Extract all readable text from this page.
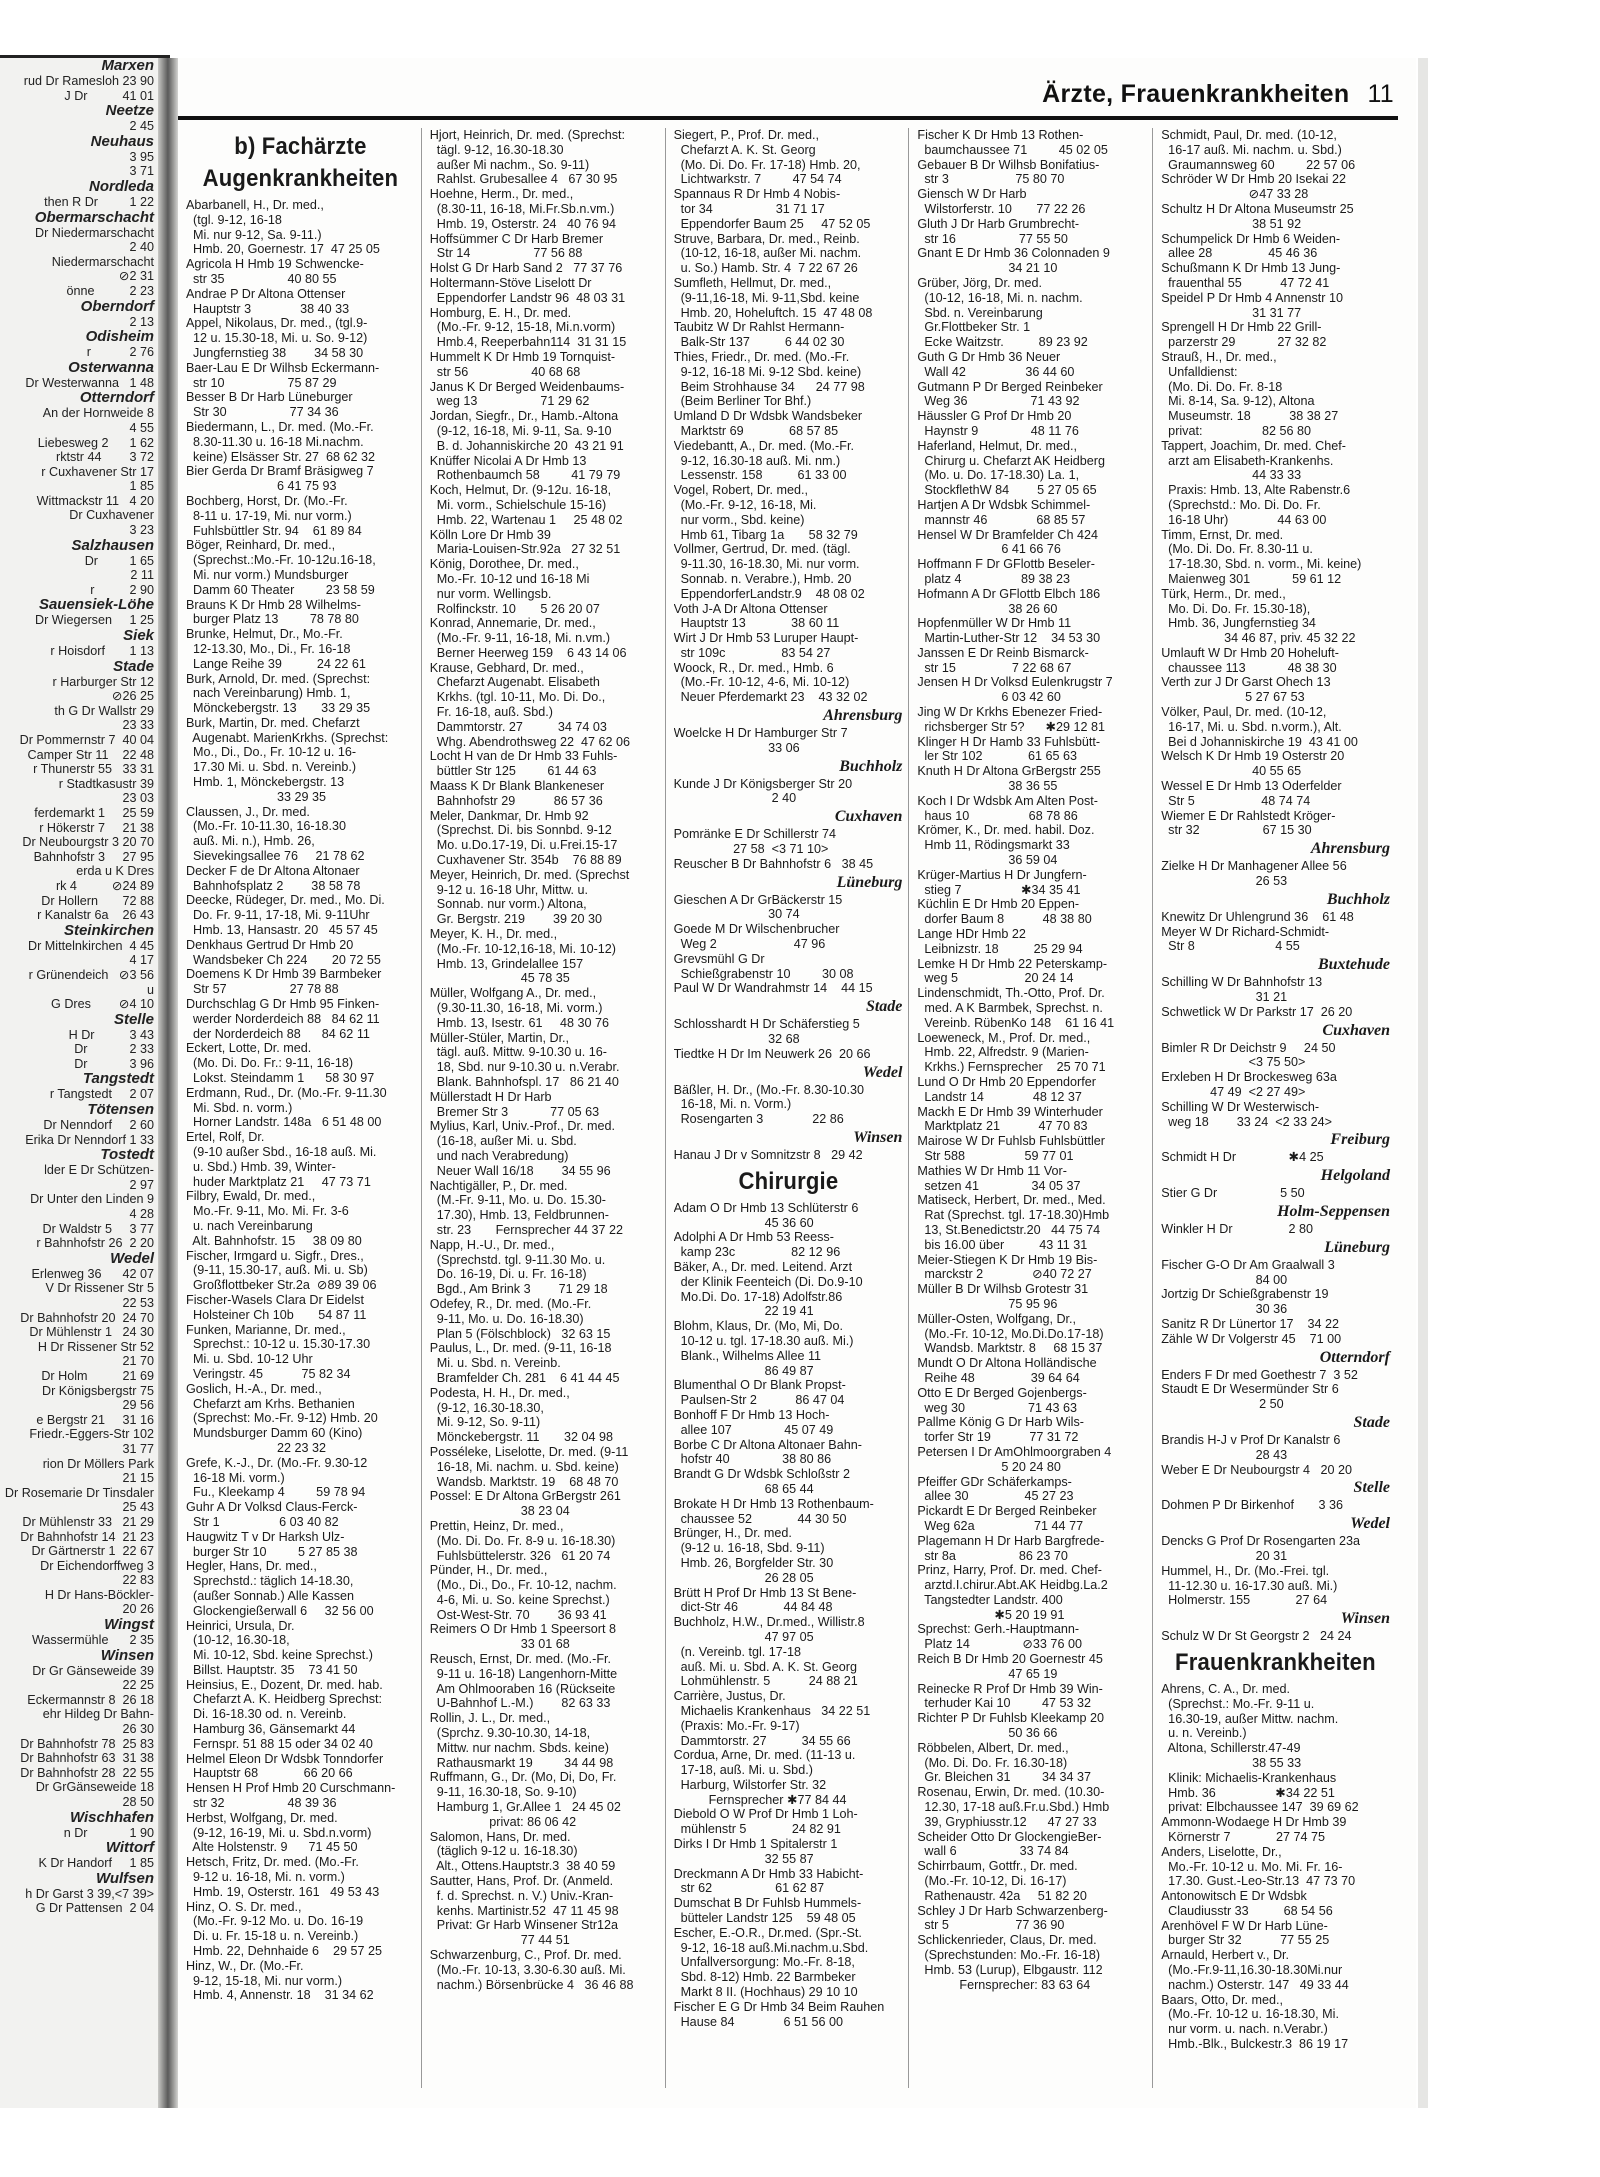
Marxen
rud Dr Ramesloh 23 90
J Dr          41 01
Neetze
2 45
Neuhaus
3 95
3 71
Nordleda
then R Dr         1 22
Obermarschacht
Dr Niedermarschacht
2 40
Niedermarschacht
⊘2 31
önne          2 23
Oberndorf
2 13
Odisheim
r           2 76
Osterwanna
Dr Westerwanna   1 48
Otterndorf
An der Hornweide 8
4 55
Liebesweg 2      1 62
rktstr 44        3 72
r Cuxhavener Str 17
1 85
Wittmackstr 11   4 20
Dr Cuxhavener
3 23
Salzhausen
Dr         1 65
2 11
r          2 90
Sauensiek-Löhe
Dr Wiegersen     1 25
Siek
r Hoisdorf       1 13
Stade
r Harburger Str 12
⊘26 25
th G Dr Wallstr 29
23 33
Dr Pommernstr 7  40 04
Camper Str 11    22 48
r Thunerstr 55   33 31
r Stadtkasustr 39
23 03
ferdemarkt 1     25 59
r Hökerstr 7     21 38
Dr Neubourgstr 3 20 70
Bahnhofstr 3     27 95
erda u K Dres
rk 4          ⊘24 89
Dr Hollern       72 88
r Kanalstr 6a    26 43
Steinkirchen
Dr Mittelnkirchen  4 45
4 17
r Grünendeich   ⊘3 56
u
G Dres        ⊘4 10
Stelle
H Dr          3 43
Dr            2 33
Dr            3 96
Tangstedt
r Tangstedt     2 07
Tötensen
Dr Nenndorf     2 60
Erika Dr Nenndorf 1 33
Tostedt
lder E Dr Schützen-
2 97
Dr Unter den Linden 9
4 28
Dr Waldstr 5     3 77
r Bahnhofstr 26  2 20
Wedel
Erlenweg 36      42 07
V Dr Rissener Str 5
22 53
Dr Bahnhofstr 20  24 70
Dr Mühlenstr 1   24 30
H Dr Rissener Str 52
21 70
Dr Holm          21 69
Dr Königsbergstr 75
29 56
e Bergstr 21     31 16
Friedr.-Eggers-Str 102
31 77
rion Dr Möllers Park
21 15
Dr Rosemarie Dr Tinsdaler
25 43
Dr Mühlenstr 33   21 29
Dr Bahnhofstr 14  21 23
Dr Gärtnerstr 1  22 67
Dr Eichendorffweg 3
22 83
H Dr Hans-Böckler-
20 26
Wingst
Wassermühle      2 35
Winsen
Dr Gr Gänseweide 39
22 25
Eckermannstr 8  26 18
ehr Hildeg Dr Bahn-
26 30
Dr Bahnhofstr 78  25 83
Dr Bahnhofstr 63  31 38
Dr Bahnhofstr 28  22 55
Dr GrGänseweide 18
28 50
Wischhafen
n Dr            1 90
Wittorf
K Dr Handorf     1 85
Wulfsen
h Dr Garst 3 39,<7 39>
G Dr Pattensen  2 04
Ärzte, Frauenkrankheiten 11
b) Fachärzte
Augenkrankheiten
Abarbanell, H., Dr. med.,
(tgl. 9-12, 16-18
Mi. nur 9-12, Sa. 9-11.)
Hmb. 20, Goernestr. 17  47 25 05
Agricola H Hmb 19 Schwencke-
str 35                  40 80 55
Andrae P Dr Altona Ottenser
Hauptstr 3              38 40 33
Appel, Nikolaus, Dr. med., (tgl.9-
12 u. 15.30-18, Mi. u. So. 9-12)
Jungfernstieg 38        34 58 30
Baer-Lau E Dr Wilhsb Eckermann-
str 10                  75 87 29
Besser B Dr Harb Lüneburger
Str 30                  77 34 36
Biedermann, L., Dr. med. (Mo.-Fr.
8.30-11.30 u. 16-18 Mi.nachm.
keine) Elsässer Str. 27  68 62 32
Bier Gerda Dr Bramf Bräsigweg 7
6 41 75 93
Bochberg, Horst, Dr. (Mo.-Fr.
8-11 u. 17-19, Mi. nur vorm.)
Fuhlsbüttler Str. 94    61 89 84
Böger, Reinhard, Dr. med.,
(Sprechst.:Mo.-Fr. 10-12u.16-18,
Mi. nur vorm.) Mundsburger
Damm 60 Theater         23 58 59
Brauns K Dr Hmb 28 Wilhelms-
burger Platz 13         78 78 80
Brunke, Helmut, Dr., Mo.-Fr.
12-13.30, Mo., Di., Fr. 16-18
Lange Reihe 39          24 22 61
Burk, Arnold, Dr. med. (Sprechst:
nach Vereinbarung) Hmb. 1,
Mönckebergstr. 13       33 29 35
Burk, Martin, Dr. med. Chefarzt
Augenabt. MarienKrkhs. (Sprechst:
Mo., Di., Do., Fr. 10-12 u. 16-
17.30 Mi. u. Sbd. n. Vereinb.)
Hmb. 1, Mönckebergstr. 13
33 29 35
Claussen, J., Dr. med.
(Mo.-Fr. 10-11.30, 16-18.30
auß. Mi. n.), Hmb. 26,
Sievekingsallee 76     21 78 62
Decker F de Dr Altona Altonaer
Bahnhofsplatz 2        38 58 78
Deecke, Rüdeger, Dr. med., Mo. Di.
Do. Fr. 9-11, 17-18, Mi. 9-11Uhr
Hmb. 13, Hansastr. 20   45 57 45
Denkhaus Gertrud Dr Hmb 20
Wandsbeker Ch 224       20 72 55
Doemens K Dr Hmb 39 Barmbeker
Str 57                  27 78 88
Durchschlag G Dr Hmb 95 Finken-
werder Norderdeich 88   84 62 11
der Norderdeich 88      84 62 11
Eckert, Lotte, Dr. med.
(Mo. Di. Do. Fr.: 9-11, 16-18)
Lokst. Steindamm 1      58 30 97
Erdmann, Rud., Dr. (Mo.-Fr. 9-11.30
Mi. Sbd. n. vorm.)
Horner Landstr. 148a   6 51 48 00
Ertel, Rolf, Dr.
(9-10 außer Sbd., 16-18 auß. Mi.
u. Sbd.) Hmb. 39, Winter-
huder Marktplatz 21     47 73 71
Filbry, Ewald, Dr. med.,
Mo.-Fr. 9-11, Mo. Mi. Fr. 3-6
u. nach Vereinbarung
Alt. Bahnhofstr. 15     38 09 80
Fischer, Irmgard u. Sigfr., Dres.,
(9-11, 15.30-17, auß. Mi. u. Sb)
Großflottbeker Str.2a  ⊘89 39 06
Fischer-Wasels Clara Dr Eidelst
Holsteiner Ch 10b       54 87 11
Funken, Marianne, Dr. med.,
Sprechst.: 10-12 u. 15.30-17.30
Mi. u. Sbd. 10-12 Uhr
Veringstr. 45           75 82 34
Goslich, H.-A., Dr. med.,
Chefarzt am Krhs. Bethanien
(Sprechst: Mo.-Fr. 9-12) Hmb. 20
Mundsburger Damm 60 (Kino)
22 23 32
Grefe, K.-J., Dr. (Mo.-Fr. 9.30-12
16-18 Mi. vorm.)
Fu., Kleekamp 4         59 78 94
Guhr A Dr Volksd Claus-Ferck-
Str 1                 6 03 40 82
Haugwitz T v Dr Harksh Ulz-
burger Str 10         5 27 85 38
Hegler, Hans, Dr. med.,
Sprechstd.: täglich 14-18.30,
(außer Sonnab.) Alle Kassen
Glockengießerwall 6     32 56 00
Heinrici, Ursula, Dr.
(10-12, 16.30-18,
Mi. 10-12, Sbd. keine Sprechst.)
Billst. Hauptstr. 35    73 41 50
Heinsius, E., Dozent, Dr. med. hab.
Chefarzt A. K. Heidberg Sprechst:
Di. 16-18.30 od. n. Vereinb.
Hamburg 36, Gänsemarkt 44
Fernspr. 51 88 15 oder 34 02 40
Helmel Eleon Dr Wdsbk Tonndorfer
Hauptstr 68             66 20 66
Hensen H Prof Hmb 20 Curschmann-
str 32                  48 39 36
Herbst, Wolfgang, Dr. med.
(9-12, 16-19, Mi. u. Sbd.n.vorm)
Alte Holstenstr. 9      71 45 50
Hetsch, Fritz, Dr. med. (Mo.-Fr.
9-12 u. 16-18, Mi. n. vorm.)
Hmb. 19, Osterstr. 161   49 53 43
Hinz, O. S. Dr. med.,
(Mo.-Fr. 9-12 Mo. u. Do. 16-19
Di. u. Fr. 15-18 u. n. Vereinb.)
Hmb. 22, Dehnhaide 6    29 57 25
Hinz, W., Dr. (Mo.-Fr.
9-12, 15-18, Mi. nur vorm.)
Hmb. 4, Annenstr. 18    31 34 62
Hjort, Heinrich, Dr. med. (Sprechst:
tägl. 9-12, 16.30-18.30
außer Mi nachm., So. 9-11)
Rahlst. Grubesallee 4   67 30 95
Hoehne, Herm., Dr. med.,
(8.30-11, 16-18, Mi.Fr.Sb.n.vm.)
Hmb. 19, Osterstr. 24   40 76 94
Hoffsümmer C Dr Harb Bremer
Str 14                  77 56 88
Holst G Dr Harb Sand 2   77 37 76
Holtermann-Stöve Liselott Dr
Eppendorfer Landstr 96  48 03 31
Homburg, E. H., Dr. med.
(Mo.-Fr. 9-12, 15-18, Mi.n.vorm)
Hmb.4, Reeperbahn114  31 31 15
Hummelt K Dr Hmb 19 Tornquist-
str 56                  40 68 68
Janus K Dr Berged Weidenbaums-
weg 13                  71 29 62
Jordan, Siegfr., Dr., Hamb.-Altona
(9-12, 16-18, Mi. 9-11, Sa. 9-10
B. d. Johanniskirche 20  43 21 91
Knüffer Nicolai A Dr Hmb 13
Rothenbaumch 58         41 79 79
Koch, Helmut, Dr. (9-12u. 16-18,
Mi. vorm., Schielschule 15-16)
Hmb. 22, Wartenau 1     25 48 02
Kölln Lore Dr Hmb 39
Maria-Louisen-Str.92a   27 32 51
König, Dorothee, Dr. med.,
Mo.-Fr. 10-12 und 16-18 Mi
nur vorm. Wellingsb.
Rolfinckstr. 10       5 26 20 07
Konrad, Annemarie, Dr. med.,
(Mo.-Fr. 9-11, 16-18, Mi. n.vm.)
Berner Heerweg 159    6 43 14 06
Krause, Gebhard, Dr. med.,
Chefarzt Augenabt. Elisabeth
Krkhs. (tgl. 10-11, Mo. Di. Do.,
Fr. 16-18, auß. Sbd.)
Dammtorstr. 27          34 74 03
Whg. Abendrothsweg 22  47 62 06
Locht H van de Dr Hmb 33 Fuhls-
büttler Str 125         61 44 63
Maass K Dr Blank Blankeneser
Bahnhofstr 29           86 57 36
Meler, Dankmar, Dr. Hmb 92
(Sprechst. Di. bis Sonnbd. 9-12
Mo. u.Do.17-19, Di. u.Frei.15-17
Cuxhavener Str. 354b    76 88 89
Meyer, Heinrich, Dr. med. (Sprechst
9-12 u. 16-18 Uhr, Mittw. u.
Sonnab. nur vorm.) Altona,
Gr. Bergstr. 219        39 20 30
Meyer, K. H., Dr. med.,
(Mo.-Fr. 10-12,16-18, Mi. 10-12)
Hmb. 13, Grindelallee 157
45 78 35
Müller, Wolfgang A., Dr. med.,
(9.30-11.30, 16-18, Mi. vorm.)
Hmb. 13, Isestr. 61     48 30 76
Müller-Stüler, Martin, Dr.,
tägl. auß. Mittw. 9-10.30 u. 16-
18, Sbd. nur 9-10.30 u. n.Verabr.
Blank. Bahnhofspl. 17   86 21 40
Müllerstadt H Dr Harb
Bremer Str 3            77 05 63
Mylius, Karl, Univ.-Prof., Dr. med.
(16-18, außer Mi. u. Sbd.
und nach Verabredung)
Neuer Wall 16/18        34 55 96
Nachtigäller, P., Dr. med.
(M.-Fr. 9-11, Mo. u. Do. 15.30-
17.30), Hmb. 13, Feldbrunnen-
str. 23       Fernsprecher 44 37 22
Napp, H.-U., Dr. med.,
(Sprechstd. tgl. 9-11.30 Mo. u.
Do. 16-19, Di. u. Fr. 16-18)
Bgd., Am Brink 3        71 29 18
Odefey, R., Dr. med. (Mo.-Fr.
9-11, Mo. u. Do. 16-18.30)
Plan 5 (Fölschblock)   32 63 15
Paulus, L., Dr. med. (9-11, 16-18
Mi. u. Sbd. n. Vereinb.
Bramfelder Ch. 281    6 41 44 45
Podesta, H. H., Dr. med.,
(9-12, 16.30-18.30,
Mi. 9-12, So. 9-11)
Mönckebergstr. 11       32 04 98
Posséleke, Liselotte, Dr. med. (9-11
16-18, Mi. nachm. u. Sbd. keine)
Wandsb. Marktstr. 19    68 48 70
Possel: E Dr Altona GrBergstr 261
38 23 04
Prettin, Heinz, Dr. med.,
(Mo. Di. Do. Fr. 8-9 u. 16-18.30)
Fuhlsbüttelerstr. 326   61 20 74
Pünder, H., Dr. med.,
(Mo., Di., Do., Fr. 10-12, nachm.
4-6, Mi. u. So. keine Sprechst.)
Ost-West-Str. 70        36 93 41
Reimers O Dr Hmb 1 Speersort 8
33 01 68
Reusch, Ernst, Dr. med. (Mo.-Fr.
9-11 u. 16-18) Langenhorn-Mitte
Am Ohlmooraben 16 (Rückseite
U-Bahnhof L.-M.)        82 63 33
Rollin, J. L., Dr. med.,
(Sprchz. 9.30-10.30, 14-18,
Mittw. nur nachm. Sbds. keine)
Rathausmarkt 19         34 44 98
Ruffmann, G., Dr. (Mo, Di, Do, Fr.
9-11, 16.30-18, So. 9-10)
Hamburg 1, Gr.Allee 1   24 45 02
privat: 86 06 42
Salomon, Hans, Dr. med.
(täglich 9-12 u. 16-18.30)
Alt., Ottens.Hauptstr.3  38 40 59
Sautter, Hans, Prof. Dr. (Anmeld.
f. d. Sprechst. n. V.) Univ.-Kran-
kenhs. Martinistr.52  47 11 45 98
Privat: Gr Harb Winsener Str12a
77 44 51
Schwarzenburg, C., Prof. Dr. med.
(Mo.-Fr. 10-13, 3.30-6.30 auß. Mi.
nachm.) Börsenbrücke 4   36 46 88
Siegert, P., Prof. Dr. med.,
Chefarzt A. K. St. Georg
(Mo. Di. Do. Fr. 17-18) Hmb. 20,
Lichtwarkstr. 7         47 54 74
Spannaus R Dr Hmb 4 Nobis-
tor 34                  31 71 17
Eppendorfer Baum 25     47 52 05
Struve, Barbara, Dr. med., Reinb.
(10-12, 16-18, außer Mi. nachm.
u. So.) Hamb. Str. 4  7 22 67 26
Sumfleth, Hellmut, Dr. med.,
(9-11,16-18, Mi. 9-11,Sbd. keine
Hmb. 20, Hoheluftch. 15  47 48 08
Taubitz W Dr Rahlst Hermann-
Balk-Str 137          6 44 02 30
Thies, Friedr., Dr. med. (Mo.-Fr.
9-12, 16-18 Mi. 9-12 Sbd. keine)
Beim Strohhause 34      24 77 98
(Beim Berliner Tor Bhf.)
Umland D Dr Wdsbk Wandsbeker
Marktstr 69             68 57 85
Viedebantt, A., Dr. med. (Mo.-Fr.
9-12, 16.30-18 auß. Mi. nm.)
Lessenstr. 158          61 33 00
Vogel, Robert, Dr. med.,
(Mo.-Fr. 9-12, 16-18, Mi.
nur vorm., Sbd. keine)
Hmb 61, Tibarg 1a       58 32 79
Vollmer, Gertrud, Dr. med. (tägl.
9-11.30, 16-18.30, Mi. nur vorm.
Sonnab. n. Verabre.), Hmb. 20
EppendorferLandstr.9    48 08 02
Voth J-A Dr Altona Ottenser
Hauptstr 13             38 60 11
Wirt J Dr Hmb 53 Luruper Haupt-
str 109c                83 54 27
Woock, R., Dr. med., Hmb. 6
(Mo.-Fr. 10-12, 4-6, Mi. 10-12)
Neuer Pferdemarkt 23    43 32 02
Ahrensburg
Woelcke H Dr Hamburger Str 7
33 06
Buchholz
Kunde J Dr Königsberger Str 20
2 40
Cuxhaven
Pomränke E Dr Schillerstr 74
27 58  <3 71 10>
Reuscher B Dr Bahnhofstr 6   38 45
Lüneburg
Gieschen A Dr GrBäckerstr 15
30 74
Goede M Dr Wilschenbrucher
Weg 2                      47 96
Grevsmühl G Dr
Schießgrabenstr 10         30 08
Paul W Dr Wandrahmstr 14    44 15
Stade
Schlosshardt H Dr Schäferstieg 5
32 68
Tiedtke H Dr Im Neuwerk 26  20 66
Wedel
Bäßler, H. Dr., (Mo.-Fr. 8.30-10.30
16-18, Mi. n. Vorm.)
Rosengarten 3              22 86
Winsen
Hanau J Dr v Somnitzstr 8   29 42
Chirurgie
Adam O Dr Hmb 13 Schlüterstr 6
45 36 60
Adolphi A Dr Hmb 53 Reess-
kamp 23c                82 12 96
Bäker, A., Dr. med. Leitend. Arzt
der Klinik Feenteich (Di. Do.9-10
Mo.Di. Do. 17-18) Adolfstr.86
22 19 41
Blohm, Klaus, Dr. (Mo, Mi, Do.
10-12 u. tgl. 17-18.30 auß. Mi.)
Blank., Wilhelms Allee 11
86 49 87
Blumenthal O Dr Blank Propst-
Paulsen-Str 2           86 47 04
Bonhoff F Dr Hmb 13 Hoch-
allee 107               45 07 49
Borbe C Dr Altona Altonaer Bahn-
hofstr 40               38 80 86
Brandt G Dr Wdsbk Schloßstr 2
68 65 44
Brokate H Dr Hmb 13 Rothenbaum-
chaussee 52             44 30 50
Brünger, H., Dr. med.
(9-12 u. 16-18, Sbd. 9-11)
Hmb. 26, Borgfelder Str. 30
26 28 05
Brütt H Prof Dr Hmb 13 St Bene-
dict-Str 46             44 84 48
Buchholz, H.W., Dr.med., Willistr.8
47 97 05
(n. Vereinb. tgl. 17-18
auß. Mi. u. Sbd. A. K. St. Georg
Lohmühlenstr. 5           24 88 21
Carrière, Justus, Dr.
Michaelis Krankenhaus   34 22 51
(Praxis: Mo.-Fr. 9-17)
Dammtorstr. 27          34 55 66
Cordua, Arne, Dr. med. (11-13 u.
17-18, auß. Mi. u. Sbd.)
Harburg, Wilstorfer Str. 32
Fernsprecher ✱77 84 44
Diebold O W Prof Dr Hmb 1 Loh-
mühlenstr 5             24 82 91
Dirks I Dr Hmb 1 Spitalerstr 1
32 55 87
Dreckmann A Dr Hmb 33 Habicht-
str 62                  61 62 87
Dumschat B Dr Fuhlsb Hummels-
bütteler Landstr 125    59 48 05
Escher, E.-O.R., Dr.med. (Spr.-St.
9-12, 16-18 auß.Mi.nachm.u.Sbd.
Unfallversorgung: Mo.-Fr. 8-18,
Sbd. 8-12) Hmb. 22 Barmbeker
Markt 8 II. (Hochhaus) 29 10 10
Fischer E G Dr Hmb 34 Beim Rauhen
Hause 84              6 51 56 00
Fischer K Dr Hmb 13 Rothen-
baumchaussee 71         45 02 05
Gebauer B Dr Wilhsb Bonifatius-
str 3                   75 80 70
Giensch W Dr Harb
Wilstorferstr. 10       77 22 26
Gluth J Dr Harb Grumbrecht-
str 16                  77 55 50
Gnant E Dr Hmb 36 Colonnaden 9
34 21 10
Grüber, Jörg, Dr. med.
(10-12, 16-18, Mi. n. nachm.
Sbd. n. Vereinbarung
Gr.Flottbeker Str. 1
Ecke Waitzstr.          89 23 92
Guth G Dr Hmb 36 Neuer
Wall 42                 36 44 60
Gutmann P Dr Berged Reinbeker
Weg 36                  71 43 92
Häussler G Prof Dr Hmb 20
Haynstr 9               48 11 76
Haferland, Helmut, Dr. med.,
Chirurg u. Chefarzt AK Heidberg
(Mo. u. Do. 17-18.30) La. 1,
StockflethW 84        5 27 05 65
Hartjen A Dr Wdsbk Schimmel-
mannstr 46              68 85 57
Hensel W Dr Bramfelder Ch 424
6 41 66 76
Hoffmann F Dr GFlottb Beseler-
platz 4                 89 38 23
Hofmann A Dr GFlottb Elbch 186
38 26 60
Hopfenmüller W Dr Hmb 11
Martin-Luther-Str 12    34 53 30
Janssen E Dr Reinb Bismarck-
str 15                7 22 68 67
Jensen H Dr Volksd Eulenkrugstr 7
6 03 42 60
Jing W Dr Krkhs Ebenezer Fried-
richsberger Str 5?      ✱29 12 81
Klinger H Dr Hamb 33 Fuhlsbütt-
ler Str 102             61 65 63
Knuth H Dr Altona GrBergstr 255
38 36 55
Koch I Dr Wdsbk Am Alten Post-
haus 10                 68 78 86
Krömer, K., Dr. med. habil. Doz.
Hmb 11, Rödingsmarkt 33
36 59 04
Krüger-Martius H Dr Jungfern-
stieg 7                 ✱34 35 41
Küchlin E Dr Hmb 20 Eppen-
dorfer Baum 8           48 38 80
Lange HDr Hmb 22
Leibnizstr. 18          25 29 94
Lemke H Dr Hmb 22 Peterskamp-
weg 5                   20 24 14
Lindenschmidt, Th.-Otto, Prof. Dr.
med. A K Barmbek, Sprechst. n.
Vereinb. RübenKo 148    61 16 41
Loeweneck, M., Prof. Dr. med.,
Hmb. 22, Alfredstr. 9 (Marien-
Krkhs.) Fernsprecher    25 70 71
Lund O Dr Hmb 20 Eppendorfer
Landstr 14              48 12 37
Mackh E Dr Hmb 39 Winterhuder
Marktplatz 21           47 70 83
Mairose W Dr Fuhlsb Fuhlsbüttler
Str 588                 59 77 01
Mathies W Dr Hmb 11 Vor-
setzen 41               34 05 37
Matiseck, Herbert, Dr. med., Med.
Rat (Sprechst. tgl. 17-18.30)Hmb
13, St.Benedictstr.20   44 75 74
bis 16.00 über          43 11 31
Meier-Stiegen K Dr Hmb 19 Bis-
marckstr 2              ⊘40 72 27
Müller B Dr Wilhsb Grotestr 31
75 95 96
Müller-Osten, Wolfgang, Dr.,
(Mo.-Fr. 10-12, Mo.Di.Do.17-18)
Wandsb. Marktstr. 8     68 15 37
Mundt O Dr Altona Holländische
Reihe 48                39 64 64
Otto E Dr Berged Gojenbergs-
weg 30                  71 43 63
Pallme König G Dr Harb Wils-
torfer Str 19           77 31 72
Petersen I Dr AmOhlmoorgraben 4
5 20 24 80
Pfeiffer GDr Schäferkamps-
allee 30                45 27 23
Pickardt E Dr Berged Reinbeker
Weg 62a                 71 44 77
Plagemann H Dr Harb Bargfrede-
str 8a                  86 23 70
Prinz, Harry, Prof. Dr. med. Chef-
arztd.I.chirur.Abt.AK Heidbg.La.2
Tangstedter Landstr. 400
✱5 20 19 91
Sprechst: Gerh.-Hauptmann-
Platz 14               ⊘33 76 00
Reich B Dr Hmb 20 Goernestr 45
47 65 19
Reinecke R Prof Dr Hmb 39 Win-
terhuder Kai 10         47 53 32
Richter P Dr Fuhlsb Kleekamp 20
50 36 66
Röbbelen, Albert, Dr. med.,
(Mo. Di. Do. Fr. 16.30-18)
Gr. Bleichen 31         34 34 37
Rosenau, Erwin, Dr. med. (10.30-
12.30, 17-18 auß.Fr.u.Sbd.) Hmb
39, Gryphiusstr.12      47 27 33
Scheider Otto Dr GlockengieBer-
wall 6                  33 74 84
Schirrbaum, Gottfr., Dr. med.
(Mo.-Fr. 10-12, Di. 16-17)
Rathenaustr. 42a     51 82 20
Schley J Dr Harb Schwarzenberg-
str 5                   77 36 90
Schlickenrieder, Claus, Dr. med.
(Sprechstunden: Mo.-Fr. 16-18)
Hmb. 53 (Lurup), Elbgaustr. 112
Fernsprecher: 83 63 64
Schmidt, Paul, Dr. med. (10-12,
16-17 auß. Mi. nachm. u. Sbd.)
Graumannsweg 60         22 57 06
Schröder W Dr Hmb 20 Isekai 22
⊘47 33 28
Schultz H Dr Altona Museumstr 25
38 51 92
Schumpelick Dr Hmb 6 Weiden-
allee 28                45 46 36
Schußmann K Dr Hmb 13 Jung-
frauenthal 55           47 72 41
Speidel P Dr Hmb 4 Annenstr 10
31 31 77
Sprengell H Dr Hmb 22 Grill-
parzerstr 29            27 32 82
Strauß, H., Dr. med.,
Unfalldienst:
(Mo. Di. Do. Fr. 8-18
Mi. 8-14, Sa. 9-12), Altona
Museumstr. 18           38 38 27
privat:                 82 56 80
Tappert, Joachim, Dr. med. Chef-
arzt am Elisabeth-Krankenhs.
44 33 33
Praxis: Hmb. 13, Alte Rabenstr.6
(Sprechstd.: Mo. Di. Do. Fr.
16-18 Uhr)              44 63 00
Timm, Ernst, Dr. med.
(Mo. Di. Do. Fr. 8.30-11 u.
17-18.30, Sbd. n. vorm., Mi. keine)
Maienweg 301            59 61 12
Türk, Herm., Dr. med.,
Mo. Di. Do. Fr. 15.30-18),
Hmb. 36, Jungfernstieg 34
34 46 87, priv. 45 32 22
Umlauft W Dr Hmb 20 Hoheluft-
chaussee 113            48 38 30
Verth zur J Dr Garst Ohech 13
5 27 67 53
Völker, Paul, Dr. med. (10-12,
16-17, Mi. u. Sbd. n.vorm.), Alt.
Bei d Johanniskirche 19  43 41 00
Welsch K Dr Hmb 19 Osterstr 20
40 55 65
Wessel E Dr Hmb 13 Oderfelder
Str 5                   48 74 74
Wiemer E Dr Rahlstedt Kröger-
str 32                  67 15 30
Ahrensburg
Zielke H Dr Manhagener Allee 56
26 53
Buchholz
Knewitz Dr Uhlengrund 36    61 48
Meyer W Dr Richard-Schmidt-
Str 8                       4 55
Buxtehude
Schilling W Dr Bahnhofstr 13
31 21
Schwetlick W Dr Parkstr 17  26 20
Cuxhaven
Bimler R Dr Deichstr 9     24 50
<3 75 50>
Erxleben H Dr Brockesweg 63a
47 49  <2 27 49>
Schilling W Dr Westerwisch-
weg 18        33 24  <2 33 24>
Freiburg
Schmidt H Dr               ✱4 25
Helgoland
Stier G Dr                  5 50
Holm-Seppensen
Winkler H Dr                2 80
Lüneburg
Fischer G-O Dr Am Graalwall 3
84 00
Jortzig Dr Schießgrabenstr 19
30 36
Sanitz R Dr Lünertor 17    34 22
Zähle W Dr Volgerstr 45    71 00
Otterndorf
Enders F Dr med Goethestr 7  3 52
Staudt E Dr Wesermünder Str 6
2 50
Stade
Brandis H-J v Prof Dr Kanalstr 6
28 43
Weber E Dr Neubourgstr 4   20 20
Stelle
Dohmen P Dr Birkenhof       3 36
Wedel
Dencks G Prof Dr Rosengarten 23a
20 31
Hummel, H., Dr. (Mo.-Frei. tgl.
11-12.30 u. 16-17.30 auß. Mi.)
Holmerstr. 155             27 64
Winsen
Schulz W Dr St Georgstr 2   24 24
Frauenkrankheiten
Ahrens, C. A., Dr. med.
(Sprechst.: Mo.-Fr. 9-11 u.
16.30-19, außer Mittw. nachm.
u. n. Vereinb.)
Altona, Schillerstr.47-49
38 55 33
Klinik: Michaelis-Krankenhaus
Hmb. 36                 ✱34 22 51
privat: Elbchaussee 147  39 69 62
Ammonn-Wodaege H Dr Hmb 39
Körnerstr 7             27 74 75
Anders, Liselotte, Dr.,
Mo.-Fr. 10-12 u. Mo. Mi. Fr. 16-
17.30. Gust.-Leo-Str.13  47 73 70
Antonowitsch E Dr Wdsbk
Claudiusstr 33          68 54 56
Arenhövel F W Dr Harb Lüne-
burger Str 32           77 55 25
Arnauld, Herbert v., Dr.
(Mo.-Fr.9-11,16.30-18.30Mi.nur
nachm.) Osterstr. 147   49 33 44
Baars, Otto, Dr. med.,
(Mo.-Fr. 10-12 u. 16-18.30, Mi.
nur vorm. u. nach. n.Verabr.)
Hmb.-Blk., Bulckestr.3  86 19 17
